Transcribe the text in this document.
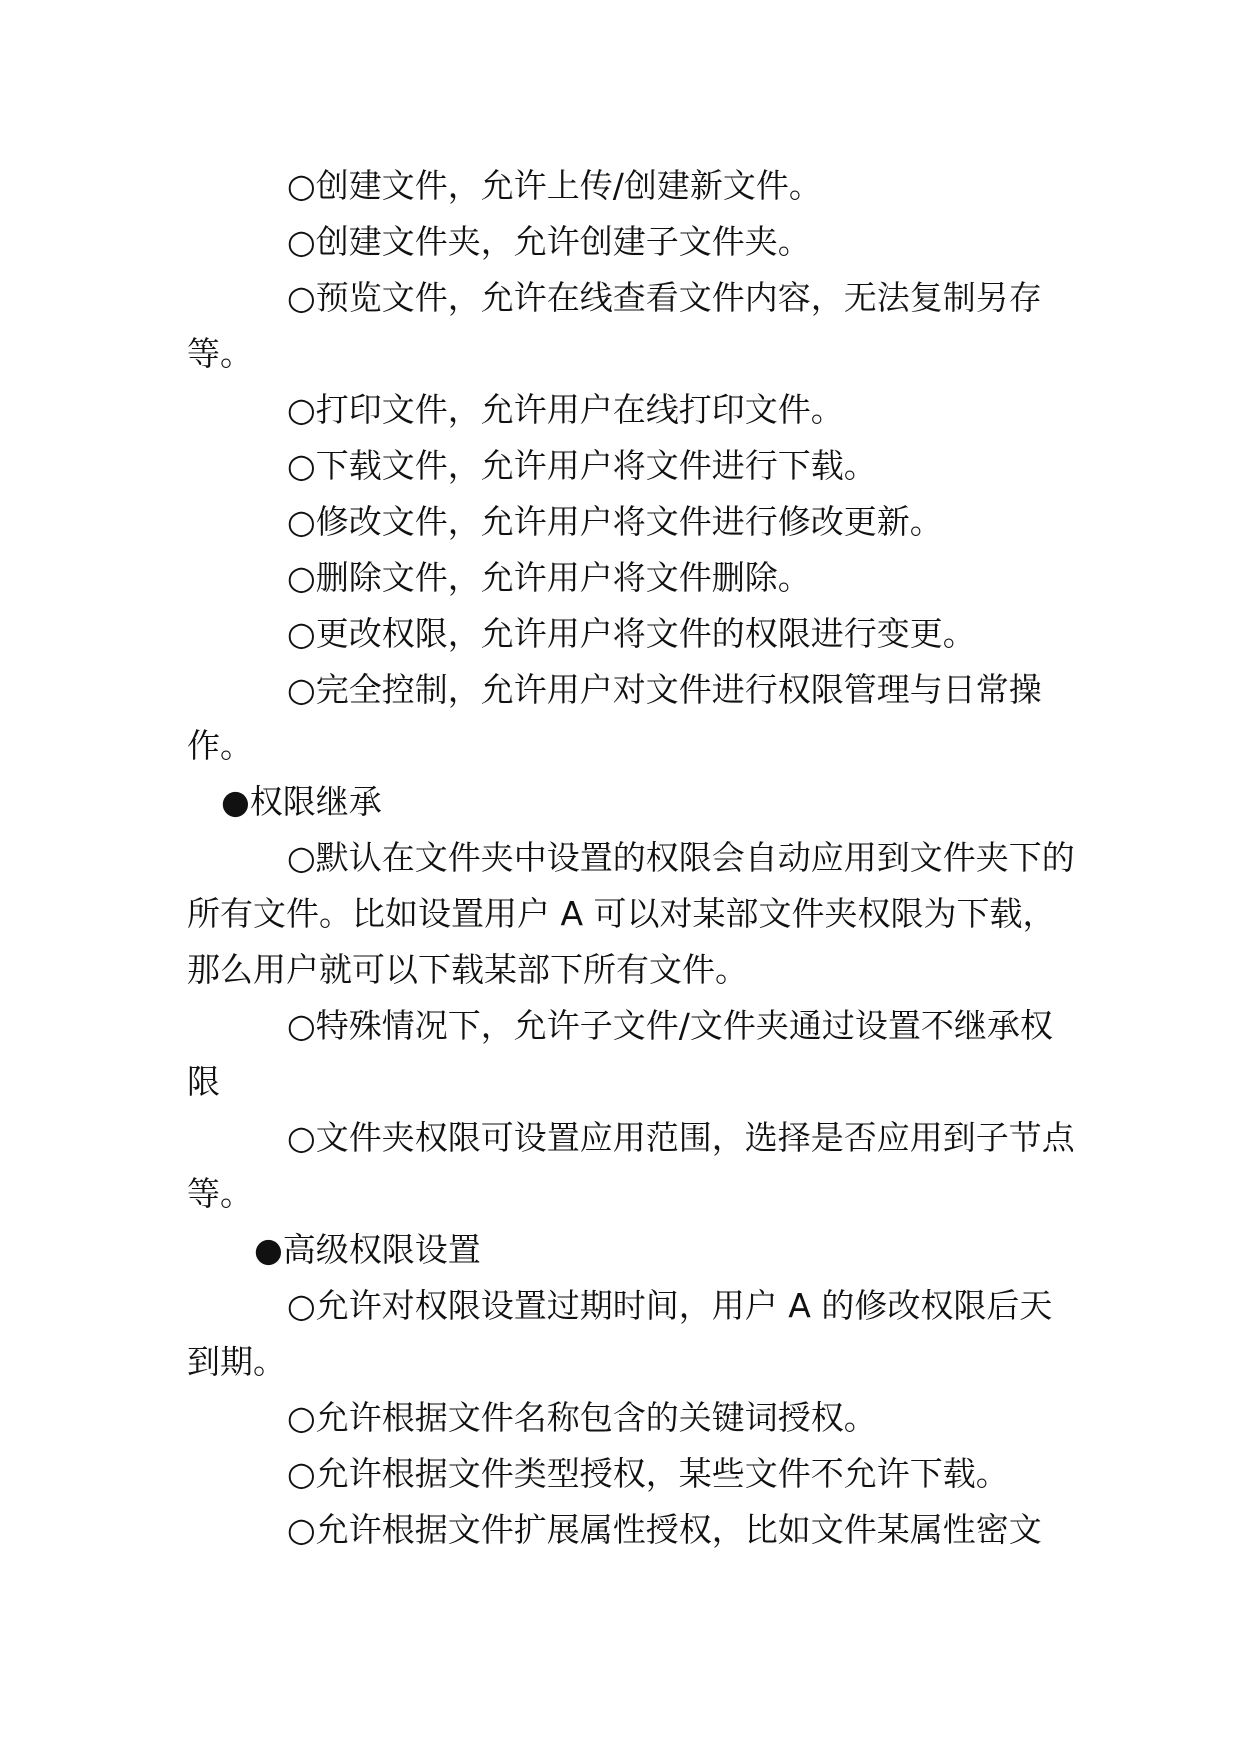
○创建文件，允许上传/创建新文件。

○创建文件夹，允许创建子文件夹。

○预览文件，允许在线查看文件内容，无法复制另存等。

○打印文件，允许用户在线打印文件。

○下载文件，允许用户将文件进行下载。

○修改文件，允许用户将文件进行修改更新。

○删除文件，允许用户将文件删除。

○更改权限，允许用户将文件的权限进行变更。

○完全控制，允许用户对文件进行权限管理与日常操作。

●权限继承

○默认在文件夹中设置的权限会自动应用到文件夹下的所有文件。比如设置用户 A 可以对某部文件夹权限为下载，那么用户就可以下载某部下所有文件。

○特殊情况下，允许子文件/文件夹通过设置不继承权限

○文件夹权限可设置应用范围，选择是否应用到子节点等。

●高级权限设置

○允许对权限设置过期时间，用户 A 的修改权限后天到期。

○允许根据文件名称包含的关键词授权。

○允许根据文件类型授权，某些文件不允许下载。

○允许根据文件扩展属性授权，比如文件某属性密文
